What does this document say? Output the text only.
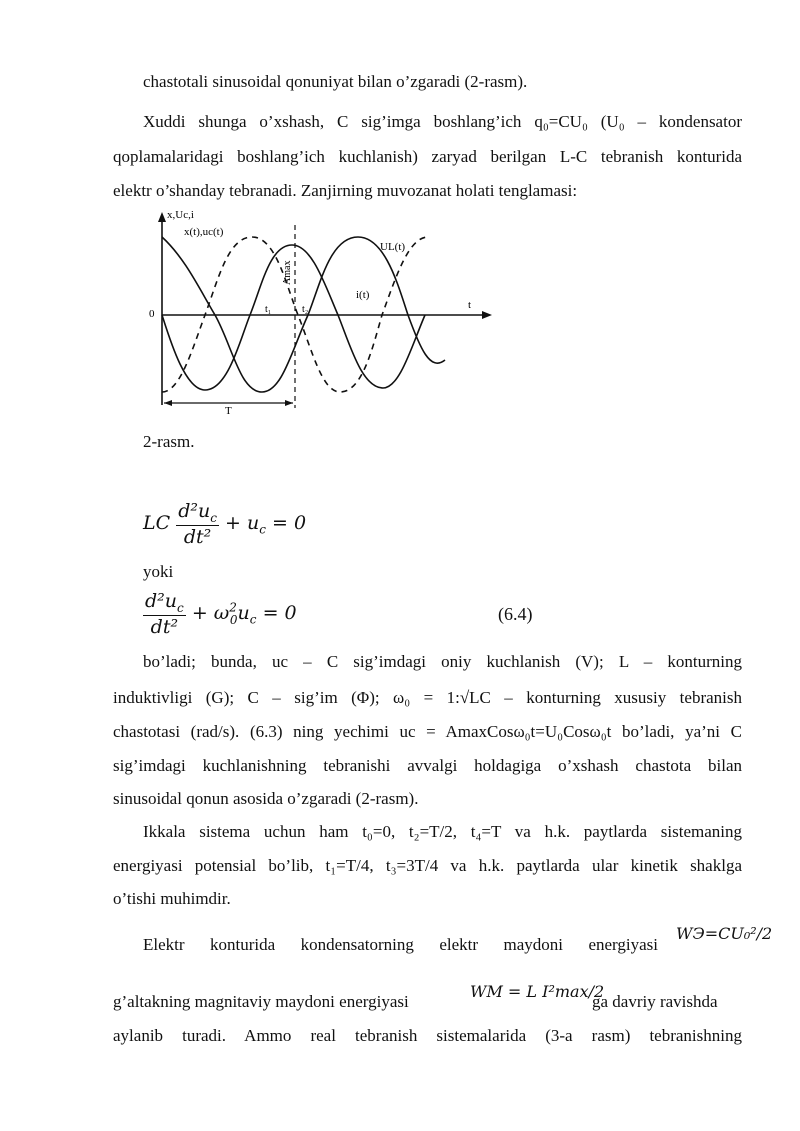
chastotali sinusoidal qonuniyat bilan o’zgaradi (2-rasm).
Xuddi shunga o’xshash, C sig’imga boshlang’ich q₀=CU₀ (U₀ – kondensator
qoplamalaridagi boshlang’ich kuchlanish) zaryad berilgan L-C tebranish konturida
elektr o’shanday tebranadi. Zanjirning muvozanat holati tenglamasi:
x,Uc,i
x(t),uc(t)
UL(t)
i(t)
Amax
0
t
t₁	t₂
T
2-rasm.
LC $\frac{d^2u_c}{\text{dt²}} + u_c = 0$
yoki
$\frac{d^2u_c}{\text{dt²}} + \omega^2_0u_c = 0$	(6.4)
bo’ladi; bunda, uc – C sig’imdagi oniy kuchlanish (V); L – konturning
induktivligi (G); C – sig’im (Φ); ω₀ = 1:√LC – konturning xususiy tebranish
chastotasi (rad/s). (6.3) ning yechimi uc = AmaxCosω₀t=U₀Cosω₀t bo’ladi, ya’ni C
sig’imdagi kuchlanishning tebranishi avvalgi holdagiga o’xshash chastota bilan
sinusoidal qonun asosida o’zgaradi (2-rasm).
Ikkala sistema uchun ham t₀=0, t₂=T/2, t₄=T va h.k. paytlarda sistemaning
energiyasi potensial bo’lib, t₁=T/4, t₃=3T/4 va h.k. paytlarda ular kinetik shaklga
o’tishi muhimdir.
Elektr konturida kondensatorning elektr maydoni energiyasi
WЭ=CU₀²/2
g’altakning magnitaviy maydoni energiyasi
WM = L I²max/2
ga davriy ravishda
aylanib turadi. Ammo real tebranish sistemalarida (3-a rasm) tebranishning
